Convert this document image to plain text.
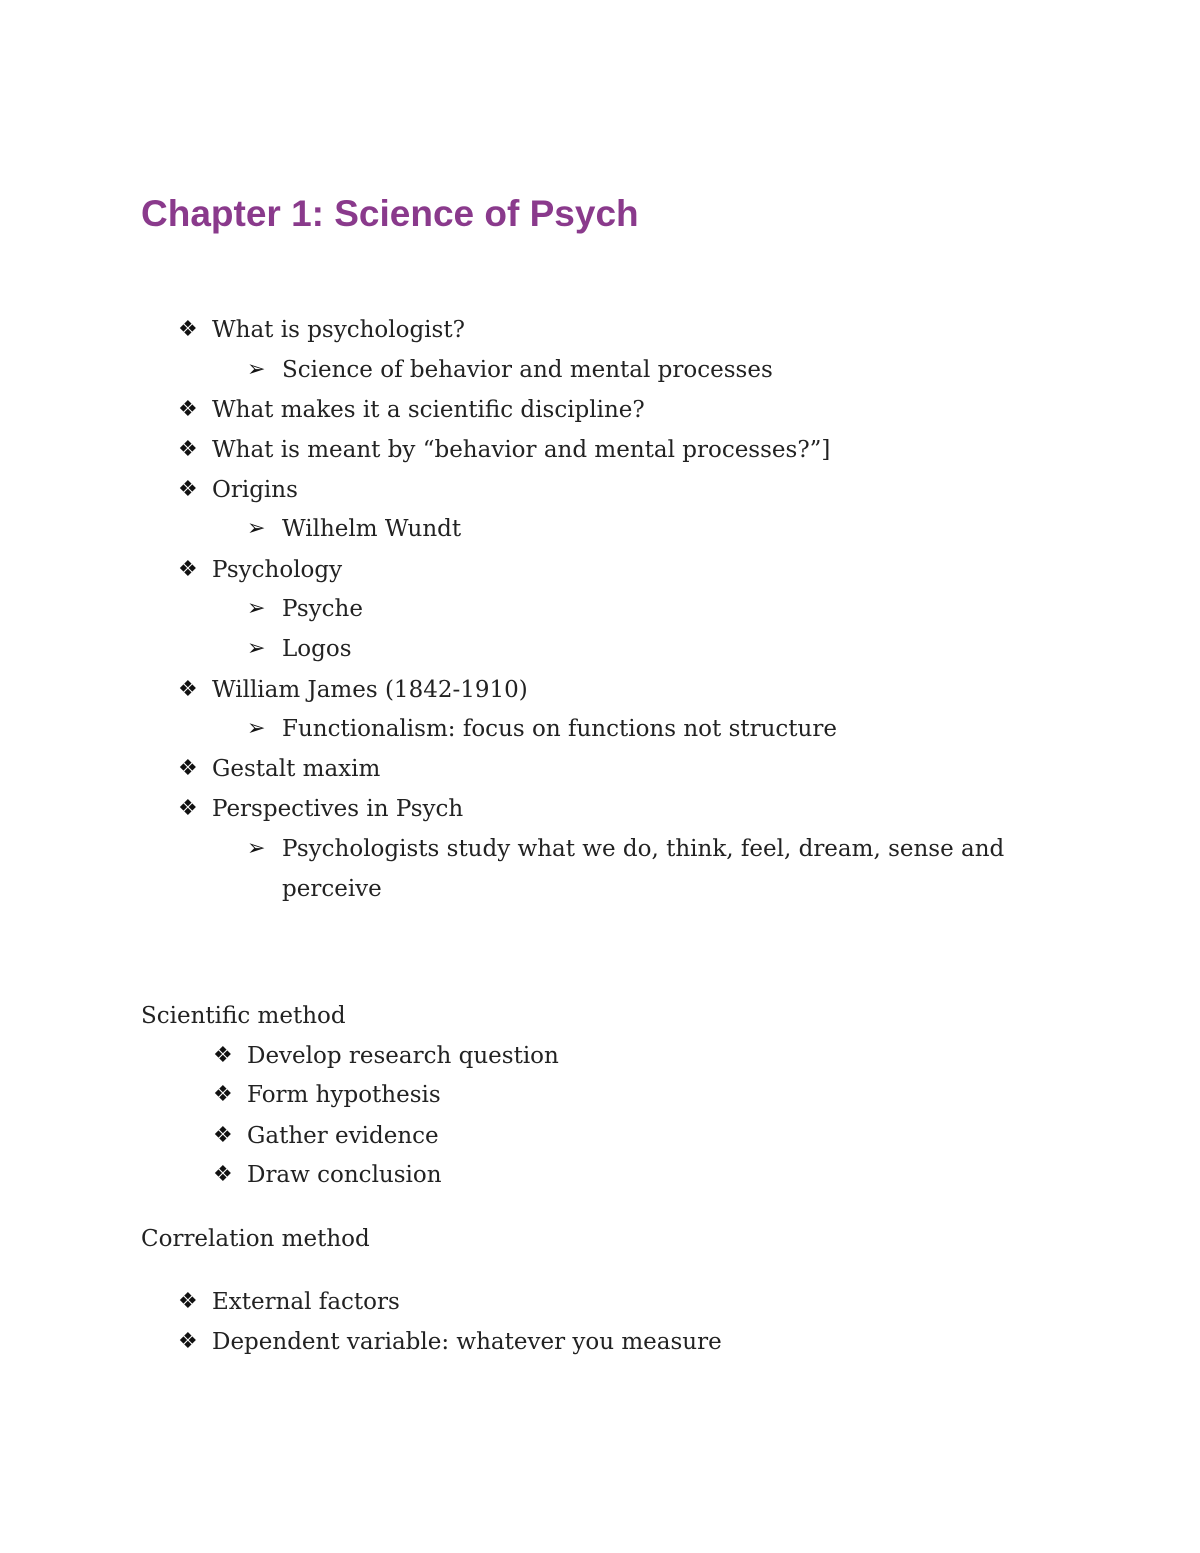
Chapter 1: Science of Psych
❖ What is psychologist?
➢ Science of behavior and mental processes
❖ What makes it a scientific discipline?
❖ What is meant by “behavior and mental processes?”]
❖ Origins
➢ Wilhelm Wundt
❖ Psychology
➢ Psyche
➢ Logos
❖ William James (1842-1910)
➢ Functionalism: focus on functions not structure
❖ Gestalt maxim
❖ Perspectives in Psych
➢ Psychologists study what we do, think, feel, dream, sense and
perceive
Scientific method
❖ Develop research question
❖ Form hypothesis
❖ Gather evidence
❖ Draw conclusion
Correlation method
❖ External factors
❖ Dependent variable: whatever you measure
